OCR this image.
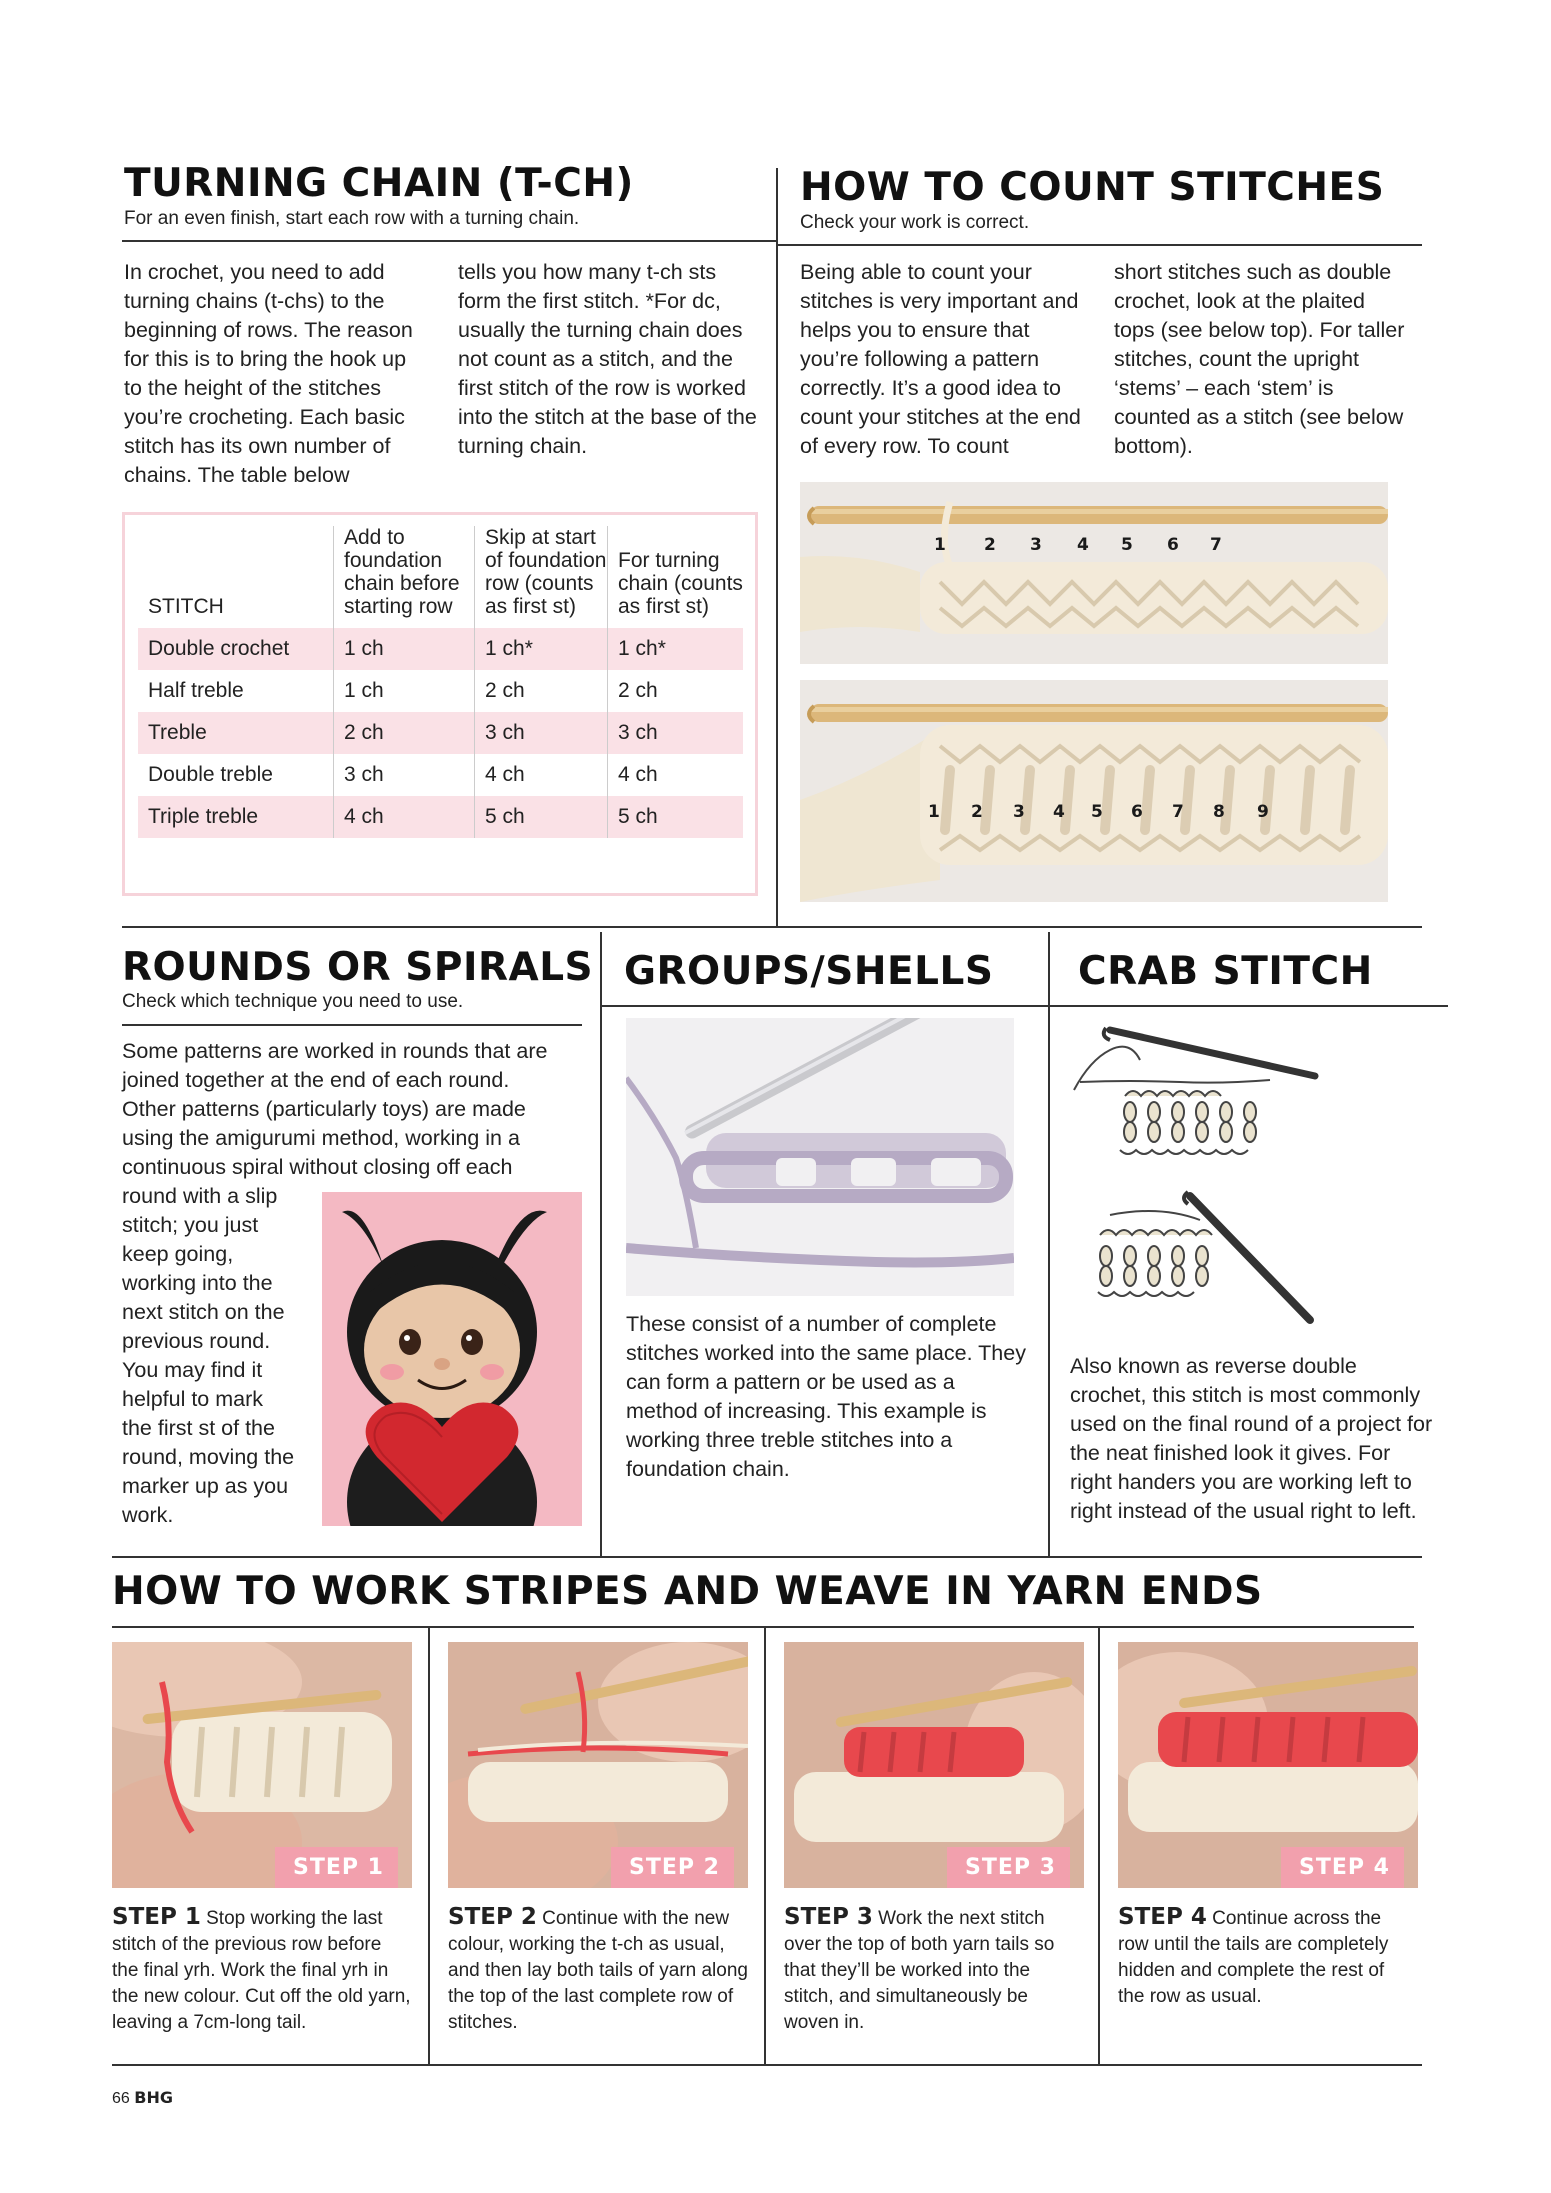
TURNING CHAIN (T-CH)

For an even finish, start each row with a turning chain.

In crochet, you need to add turning chains (t-chs) to the beginning of rows. The reason for this is to bring the hook up to the height of the stitches you’re crocheting. Each basic stitch has its own number of chains. The table below

tells you how many t-ch sts form the first stitch. *For dc, usually the turning chain does not count as a stitch, and the first stitch of the row is worked into the stitch at the base of the turning chain.

STITCH	Add to foundation chain before starting row	Skip at start of foundation row (counts as first st)	For turning chain (counts as first st)
Double crochet	1 ch	1 ch*	1 ch*
Half treble	1 ch	2 ch	2 ch
Treble	2 ch	3 ch	3 ch
Double treble	3 ch	4 ch	4 ch
Triple treble	4 ch	5 ch	5 ch
HOW TO COUNT STITCHES

Check your work is correct.

Being able to count your stitches is very important and helps you to ensure that you’re following a pattern correctly. It’s a good idea to count your stitches at the end of every row. To count

short stitches such as double crochet, look at the plaited tops (see below top). For taller stitches, count the upright ‘stems’ – each ‘stem’ is counted as a stitch (see below bottom).

1 2 3 4 5 6 7
1 2 3 4 5 6 7 8 9
ROUNDS OR SPIRALS

Check which technique you need to use.

Some patterns are worked in rounds that are
joined together at the end of each round.
Other patterns (particularly toys) are made
using the amigurumi method, working in a
continuous spiral without closing off each
round with a slip
stitch; you just
keep going,
working into the
next stitch on the
previous round.
You may find it
helpful to mark
the first st of the
round, moving the
marker up as you
work.
GROUPS/SHELLS

These consist of a number of complete stitches worked into the same place. They can form a pattern or be used as a method of increasing. This example is working three treble stitches into a foundation chain.

CRAB STITCH

Also known as reverse double crochet, this stitch is most commonly used on the final round of a project for the neat finished look it gives. For right handers you are working left to right instead of the usual right to left.

HOW TO WORK STRIPES AND WEAVE IN YARN ENDS
STEP 1	STEP 2	STEP 3	STEP 4

STEP 1 Stop working the last stitch of the previous row before the final yrh. Work the final yrh in the new colour. Cut off the old yarn, leaving a 7cm-long tail.

STEP 2 Continue with the new colour, working the t-ch as usual, and then lay both tails of yarn along the top of the last complete row of stitches.

STEP 3 Work the next stitch over the top of both yarn tails so that they’ll be worked into the stitch, and simultaneously be woven in.

STEP 4 Continue across the row until the tails are completely hidden and complete the rest of the row as usual.

66 BHG
